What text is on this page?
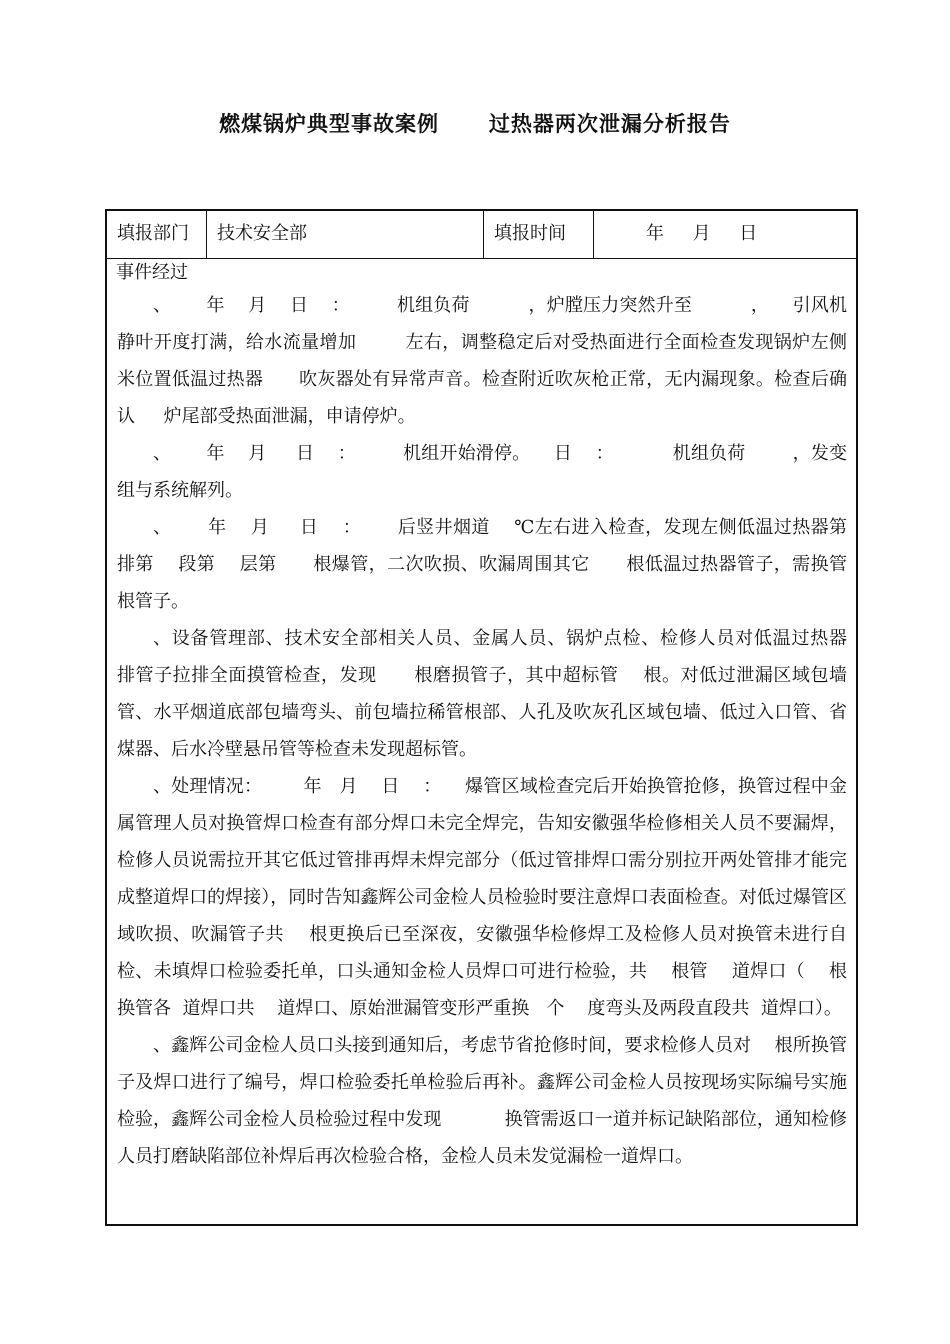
燃煤锅炉典型事故案例      过热器两次泄漏分析报告
填报部门	技术安全部	填报时间	年     月     日
事件经过

、      年    月    日    ：        机组负荷          ，炉膛压力突然升至          ，    引风机静叶开度打满，给水流量增加        左右，调整稳定后对受热面进行全面检查发现锅炉左侧     米位置低温过热器      吹灰器处有异常声音。检查附近吹灰枪正常，无内漏现象。检查后确认     炉尾部受热面泄漏，申请停炉。

、      年    月     日    ：        机组开始滑停。    日    ：          机组负荷        ，发变组与系统解列。

、      年    月     日    ：      后竖井烟道    ℃左右进入检查，发现左侧低温过热器第    排第    段第    层第      根爆管，二次吹损、吹漏周围其它      根低温过热器管子，需换管      根管子。

、设备管理部、技术安全部相关人员、金属人员、锅炉点检、检修人员对低温过热器      排管子拉排全面摸管检查，发现      根磨损管子，其中超标管    根。对低过泄漏区域包墙管、水平烟道底部包墙弯头、前包墙拉稀管根部、人孔及吹灰孔区域包墙、低过入口管、省煤器、后水冷壁悬吊管等检查未发现超标管。

、处理情况：       年   月    日    ：    爆管区域检查完后开始换管抢修，换管过程中金属管理人员对换管焊口检查有部分焊口未完全焊完，告知安徽强华检修相关人员不要漏焊，检修人员说需拉开其它低过管排再焊未焊完部分（低过管排焊口需分别拉开两处管排才能完成整道焊口的焊接），同时告知鑫辉公司金检人员检验时要注意焊口表面检查。对低过爆管区域吹损、吹漏管子共    根更换后已至深夜，安徽强华检修焊工及检修人员对换管未进行自检、未填焊口检验委托单，口头通知金检人员焊口可进行检验，共    根管    道焊口（    根换管各  道焊口共    道焊口、原始泄漏管变形严重换   个    度弯头及两段直段共  道焊口）。

、鑫辉公司金检人员口头接到通知后，考虑节省抢修时间，要求检修人员对    根所换管子及焊口进行了编号，焊口检验委托单检验后再补。鑫辉公司金检人员按现场实际编号实施检验，鑫辉公司金检人员检验过程中发现           换管需返口一道并标记缺陷部位，通知检修人员打磨缺陷部位补焊后再次检验合格，金检人员未发觉漏检一道焊口。
